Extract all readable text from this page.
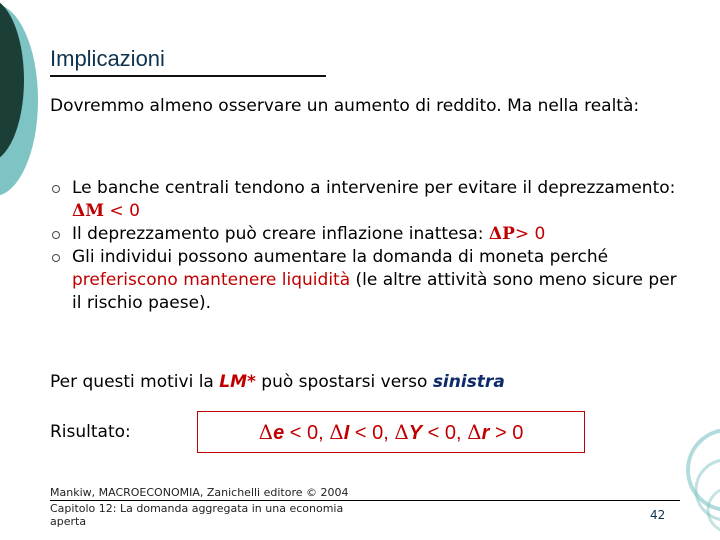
Implicazioni
Dovremmo almeno osservare un aumento di reddito. Ma nella realtà:
Le banche centrali tendono a intervenire per evitare il deprezzamento: ΔM < 0
Il deprezzamento può creare inflazione inattesa: ΔP> 0
Gli individui possono aumentare la domanda di moneta perché preferiscono mantenere liquidità (le altre attività sono meno sicure per il rischio paese).
Per questi motivi la LM* può spostarsi verso sinistra
Risultato:	Δe < 0, ΔI < 0, ΔY < 0, Δr > 0
Mankiw, MACROECONOMIA, Zanichelli editore © 2004
Capitolo 12: La domanda aggregata in una economia aperta	42
